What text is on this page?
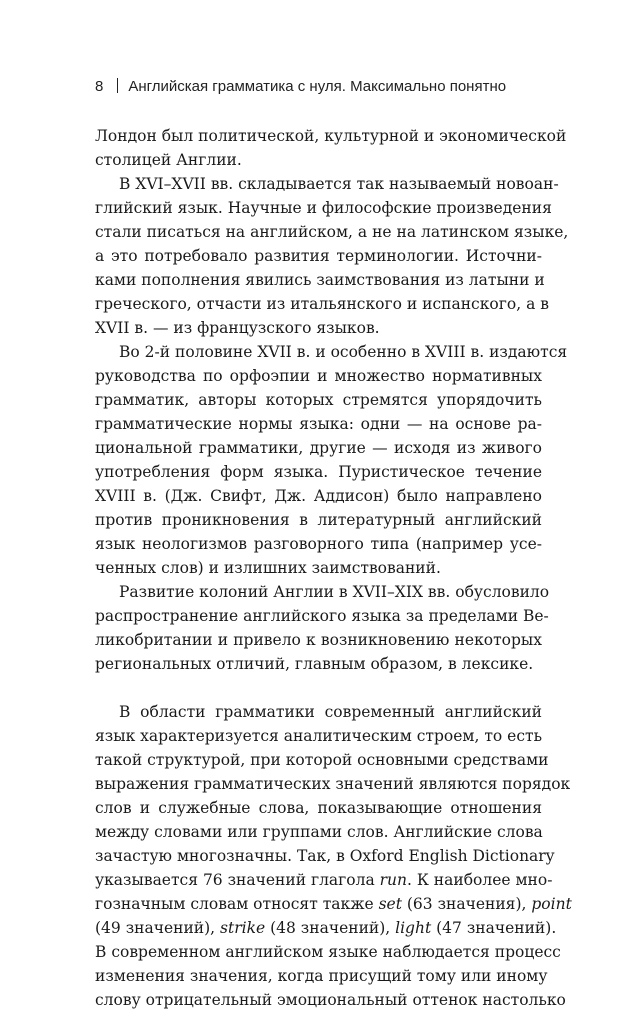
8 Английская грамматика с нуля. Максимально понятно
Лондон был политической, культурной и экономической
столицей Англии.
В XVI–XVII вв. складывается так называемый новоан-
глийский язык. Научные и философские произведения
стали писаться на английском, а не на латинском языке,
а это потребовало развития терминологии. Источни-
ками пополнения явились заимствования из латыни и
греческого, отчасти из итальянского и испанского, а в
XVII в. — из французского языков.
Во 2-й половине XVII в. и особенно в XVIII в. издаются
руководства по орфоэпии и множество нормативных
грамматик, авторы которых стремятся упорядочить
грамматические нормы языка: одни — на основе ра-
циональной грамматики, другие — исходя из живого
употребления форм языка. Пуристическое течение
XVIII в. (Дж. Свифт, Дж. Аддисон) было направлено
против проникновения в литературный английский
язык неологизмов разговорного типа (например усе-
ченных слов) и излишних заимствований.
Развитие колоний Англии в XVII–XIX вв. обусловило
распространение английского языка за пределами Ве-
ликобритании и привело к возникновению некоторых
региональных отличий, главным образом, в лексике.
В области грамматики современный английский
язык характеризуется аналитическим строем, то есть
такой структурой, при которой основными средствами
выражения грамматических значений являются порядок
слов и служебные слова, показывающие отношения
между словами или группами слов. Английские слова
зачастую многозначны. Так, в Oxford English Dictionary
указывается 76 значений глагола run. К наиболее мно-
гозначным словам относят также set (63 значения), point
(49 значений), strike (48 значений), light (47 значений).
В современном английском языке наблюдается процесс
изменения значения, когда присущий тому или иному
слову отрицательный эмоциональный оттенок настолько
